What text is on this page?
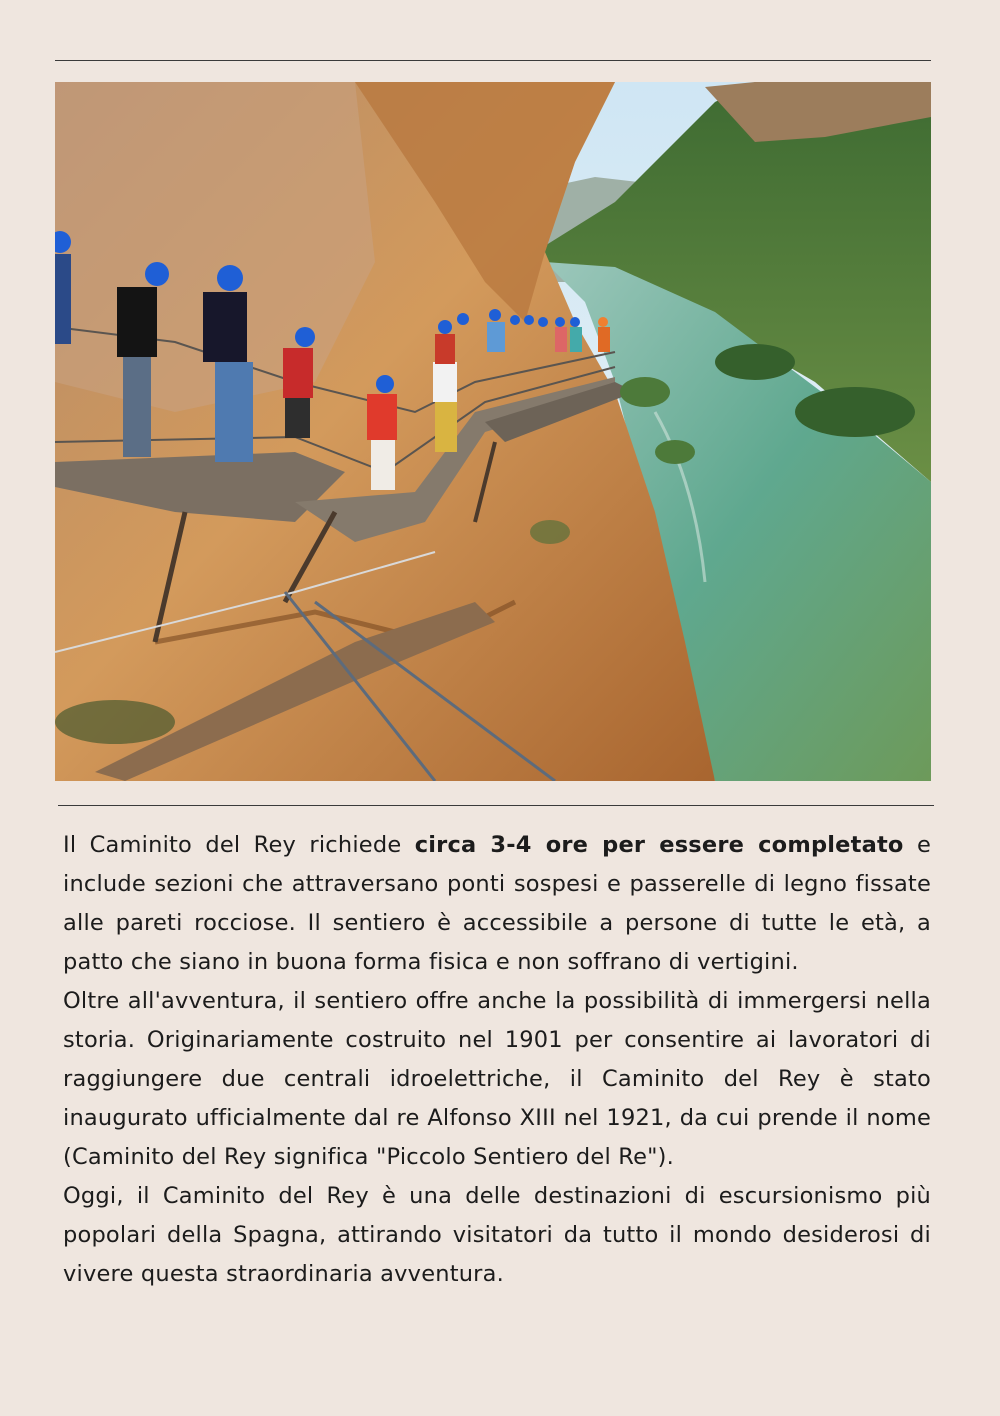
Il Caminito del Rey richiede circa 3-4 ore per essere completato e include sezioni che attraversano ponti sospesi e passerelle di legno fissate alle pareti rocciose. Il sentiero è accessibile a persone di tutte le età, a patto che siano in buona forma fisica e non soffrano di vertigini.

Oltre all'avventura, il sentiero offre anche la possibilità di immergersi nella storia. Originariamente costruito nel 1901 per consentire ai lavoratori di raggiungere due centrali idroelettriche, il Caminito del Rey è stato inaugurato ufficialmente dal re Alfonso XIII nel 1921, da cui prende il nome (Caminito del Rey significa "Piccolo Sentiero del Re").

Oggi, il Caminito del Rey è una delle destinazioni di escursionismo più popolari della Spagna, attirando visitatori da tutto il mondo desiderosi di vivere questa straordinaria avventura.
